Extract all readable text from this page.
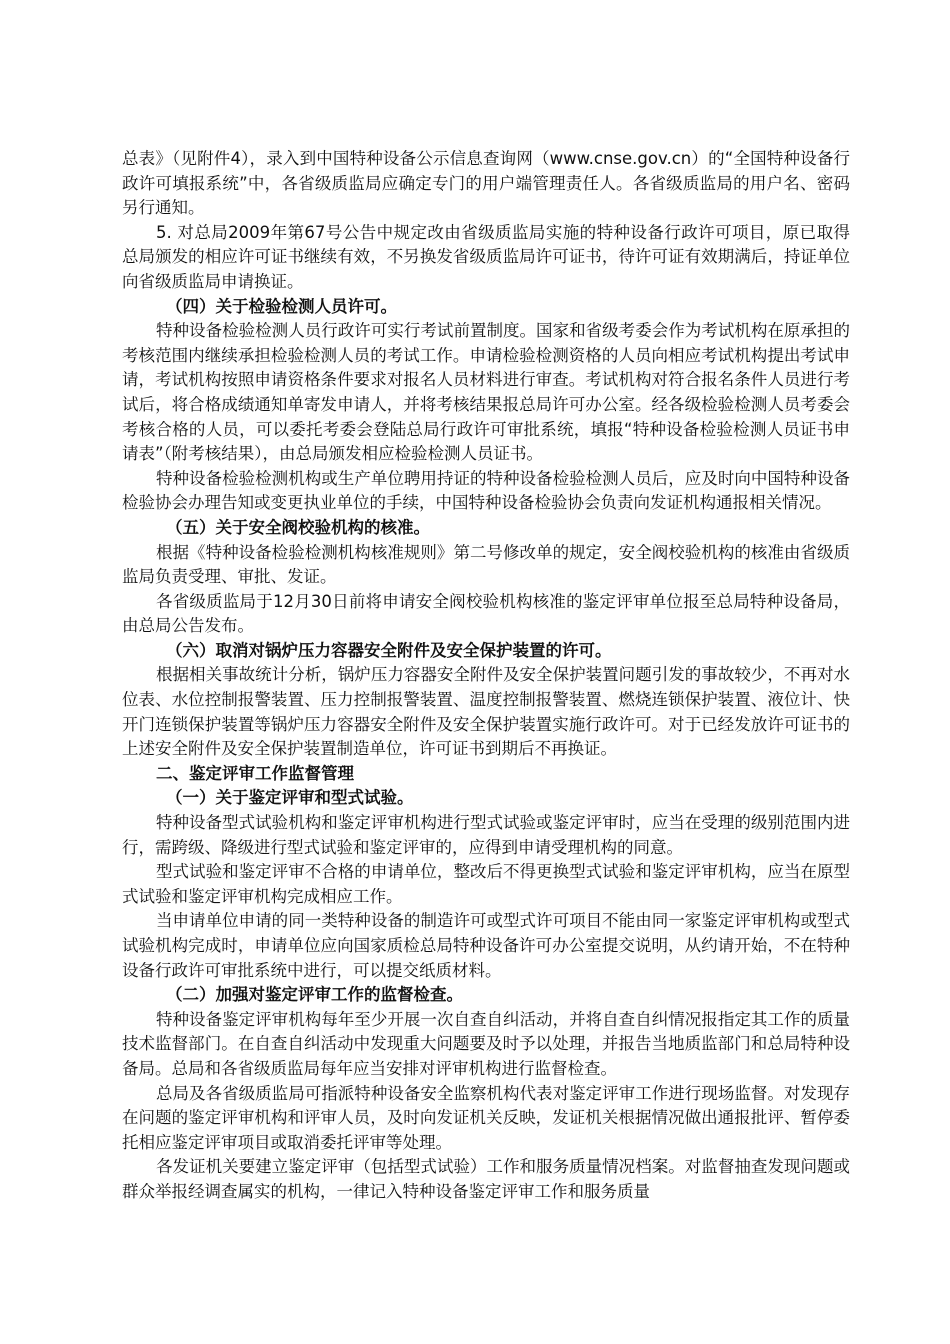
总表》（见附件4），录入到中国特种设备公示信息查询网（www.cnse.gov.cn）的“全国特种设备行政许可填报系统”中，各省级质监局应确定专门的用户端管理责任人。各省级质监局的用户名、密码另行通知。

5. 对总局2009年第67号公告中规定改由省级质监局实施的特种设备行政许可项目，原已取得总局颁发的相应许可证书继续有效，不另换发省级质监局许可证书，待许可证有效期满后，持证单位向省级质监局申请换证。

（四）关于检验检测人员许可。

特种设备检验检测人员行政许可实行考试前置制度。国家和省级考委会作为考试机构在原承担的考核范围内继续承担检验检测人员的考试工作。申请检验检测资格的人员向相应考试机构提出考试申请，考试机构按照申请资格条件要求对报名人员材料进行审查。考试机构对符合报名条件人员进行考试后，将合格成绩通知单寄发申请人，并将考核结果报总局许可办公室。经各级检验检测人员考委会考核合格的人员，可以委托考委会登陆总局行政许可审批系统，填报“特种设备检验检测人员证书申请表”（附考核结果），由总局颁发相应检验检测人员证书。

特种设备检验检测机构或生产单位聘用持证的特种设备检验检测人员后，应及时向中国特种设备检验协会办理告知或变更执业单位的手续，中国特种设备检验协会负责向发证机构通报相关情况。

（五）关于安全阀校验机构的核准。

根据《特种设备检验检测机构核准规则》第二号修改单的规定，安全阀校验机构的核准由省级质监局负责受理、审批、发证。

各省级质监局于12月30日前将申请安全阀校验机构核准的鉴定评审单位报至总局特种设备局，由总局公告发布。

（六）取消对锅炉压力容器安全附件及安全保护装置的许可。

根据相关事故统计分析，锅炉压力容器安全附件及安全保护装置问题引发的事故较少，不再对水位表、水位控制报警装置、压力控制报警装置、温度控制报警装置、燃烧连锁保护装置、液位计、快开门连锁保护装置等锅炉压力容器安全附件及安全保护装置实施行政许可。对于已经发放许可证书的上述安全附件及安全保护装置制造单位，许可证书到期后不再换证。

二、鉴定评审工作监督管理

（一）关于鉴定评审和型式试验。

特种设备型式试验机构和鉴定评审机构进行型式试验或鉴定评审时，应当在受理的级别范围内进行，需跨级、降级进行型式试验和鉴定评审的，应得到申请受理机构的同意。

型式试验和鉴定评审不合格的申请单位，整改后不得更换型式试验和鉴定评审机构，应当在原型式试验和鉴定评审机构完成相应工作。

当申请单位申请的同一类特种设备的制造许可或型式许可项目不能由同一家鉴定评审机构或型式试验机构完成时，申请单位应向国家质检总局特种设备许可办公室提交说明，从约请开始，不在特种设备行政许可审批系统中进行，可以提交纸质材料。

（二）加强对鉴定评审工作的监督检查。

特种设备鉴定评审机构每年至少开展一次自查自纠活动，并将自查自纠情况报指定其工作的质量技术监督部门。在自查自纠活动中发现重大问题要及时予以处理，并报告当地质监部门和总局特种设备局。总局和各省级质监局每年应当安排对评审机构进行监督检查。

总局及各省级质监局可指派特种设备安全监察机构代表对鉴定评审工作进行现场监督。对发现存在问题的鉴定评审机构和评审人员，及时向发证机关反映，发证机关根据情况做出通报批评、暂停委托相应鉴定评审项目或取消委托评审等处理。

各发证机关要建立鉴定评审（包括型式试验）工作和服务质量情况档案。对监督抽查发现问题或群众举报经调查属实的机构，一律记入特种设备鉴定评审工作和服务质量
